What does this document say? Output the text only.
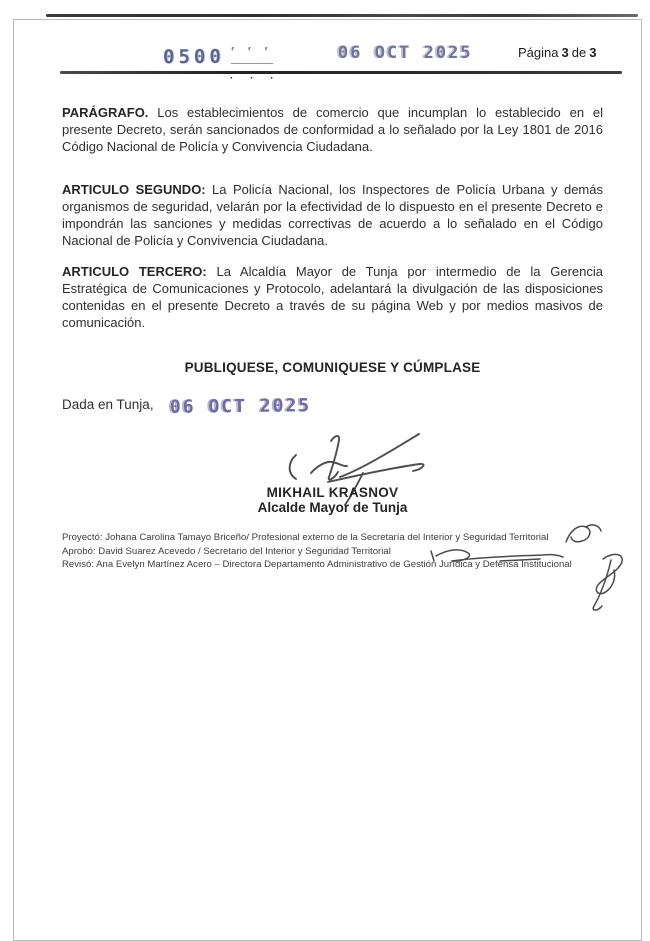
0500 ′ ′ ′	06 OCT 2025	Página 3 de 3
· · ·

PARÁGRAFO. Los establecimientos de comercio que incumplan lo establecido en el presente Decreto, serán sancionados de conformidad a lo señalado por la Ley 1801 de 2016 Código Nacional de Policía y Convivencia Ciudadana.

ARTICULO SEGUNDO: La Policía Nacional, los Inspectores de Policía Urbana y demás organismos de seguridad, velarán por la efectividad de lo dispuesto en el presente Decreto e impondrán las sanciones y medidas correctivas de acuerdo a lo señalado en el Código Nacional de Policía y Convivencia Ciudadana.

ARTICULO TERCERO: La Alcaldía Mayor de Tunja por intermedio de la Gerencia Estratégica de Comunicaciones y Protocolo, adelantará la divulgación de las disposiciones contenidas en el presente Decreto a través de su página Web y por medios masivos de comunicación.

PUBLIQUESE, COMUNIQUESE Y CÚMPLASE

Dada en Tunja, 06 OCT 2025

MIKHAIL KRASNOV

Alcalde Mayor de Tunja

Proyectó: Johana Carolina Tamayo Briceño/ Profesional externo de la Secretaría del Interior y Seguridad Territorial
Aprobó: David Suarez Acevedo / Secretario del Interior y Seguridad Territorial
Revisó: Ana Evelyn Martínez Acero – Directora Departamento Administrativo de Gestión Jurídica y Defensa Institucional
